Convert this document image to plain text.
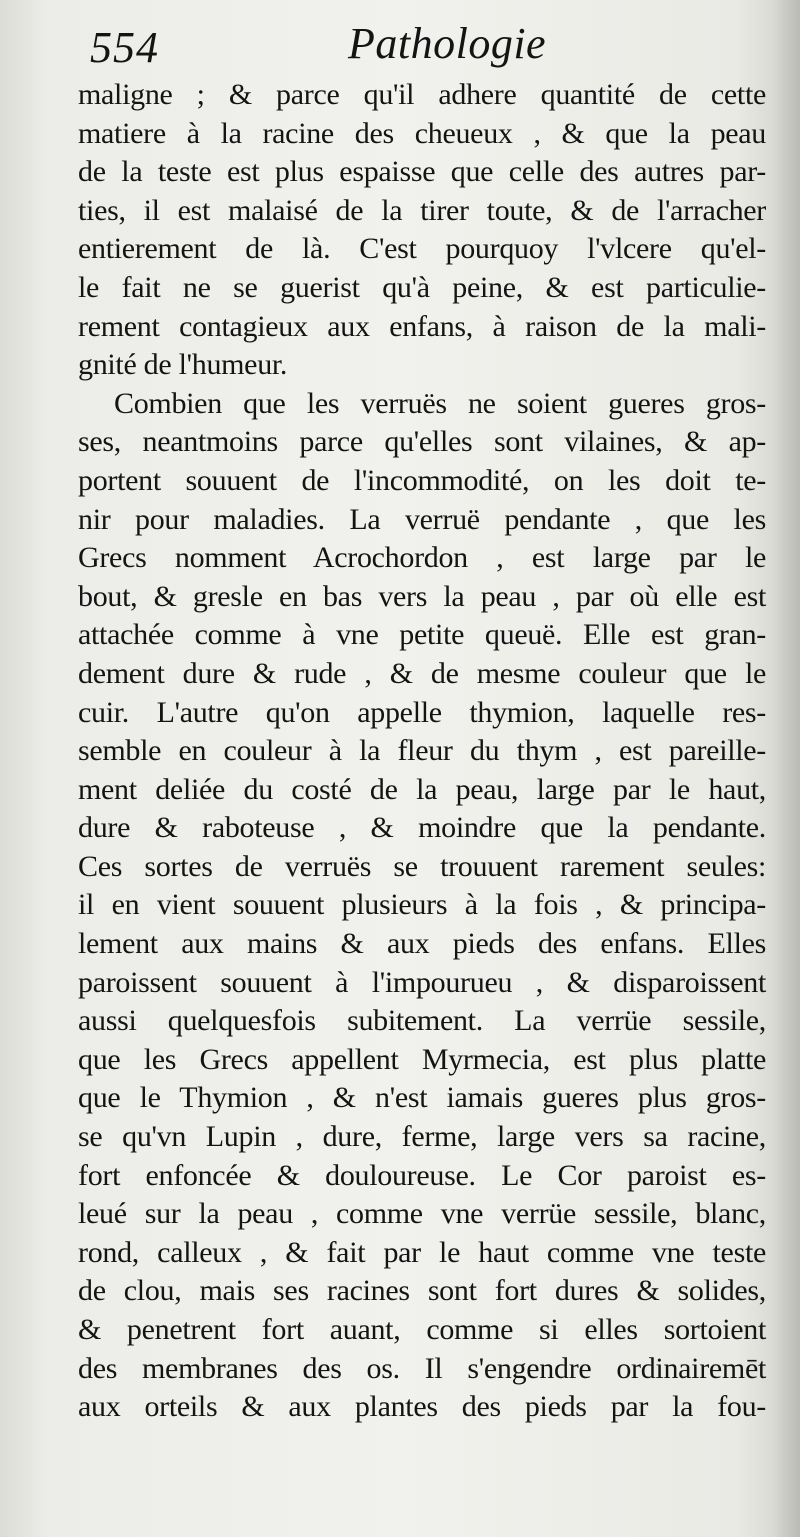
554	Pathologie
maligne ; & parce qu'il adhere quantité de cette
matiere à la racine des cheueux , & que la peau
de la teste est plus espaisse que celle des autres par-
ties, il est malaisé de la tirer toute, & de l'arracher
entierement de là. C'est pourquoy l'vlcere qu'el-
le fait ne se guerist qu'à peine, & est particulie-
rement contagieux aux enfans, à raison de la mali-
gnité de l'humeur.
Combien que les verruës ne soient gueres gros-
ses, neantmoins parce qu'elles sont vilaines, & ap-
portent souuent de l'incommodité, on les doit te-
nir pour maladies. La verruë pendante , que les
Grecs nomment Acrochordon , est large par le
bout, & gresle en bas vers la peau , par où elle est
attachée comme à vne petite queuë. Elle est gran-
dement dure & rude , & de mesme couleur que le
cuir. L'autre qu'on appelle thymion, laquelle res-
semble en couleur à la fleur du thym , est pareille-
ment deliée du costé de la peau, large par le haut,
dure & raboteuse , & moindre que la pendante.
Ces sortes de verruës se trouuent rarement seules:
il en vient souuent plusieurs à la fois , & principa-
lement aux mains & aux pieds des enfans. Elles
paroissent souuent à l'impourueu , & disparoissent
aussi quelquesfois subitement. La verrüe sessile,
que les Grecs appellent Myrmecia, est plus platte
que le Thymion , & n'est iamais gueres plus gros-
se qu'vn Lupin , dure, ferme, large vers sa racine,
fort enfoncée & douloureuse. Le Cor paroist es-
leué sur la peau , comme vne verrüe sessile, blanc,
rond, calleux , & fait par le haut comme vne teste
de clou, mais ses racines sont fort dures & solides,
& penetrent fort auant, comme si elles sortoient
des membranes des os. Il s'engendre ordinairemēt
aux orteils & aux plantes des pieds par la fou-
